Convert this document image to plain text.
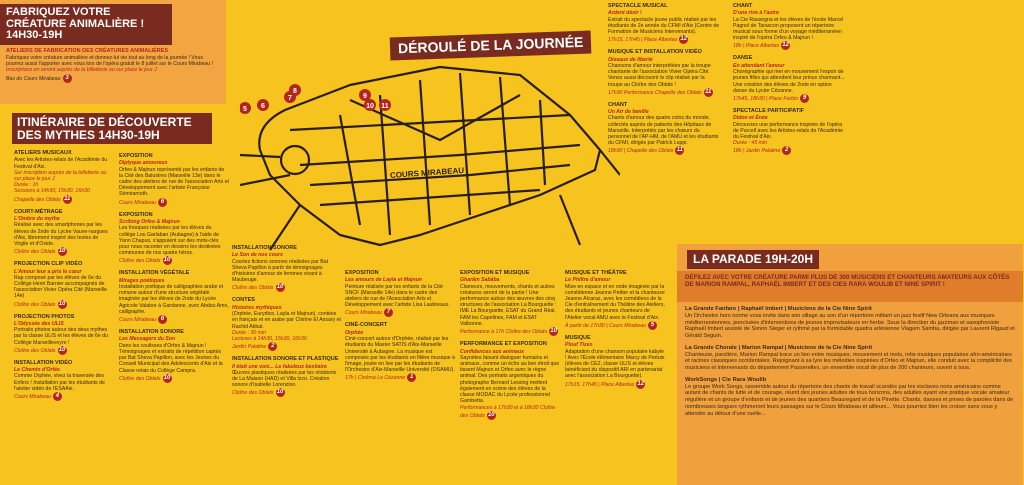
FABRIQUEZ VOTRE CRÉATURE ANIMALIÈRE ! 14H30-19H
ATELIERS DE FABRICATION DES CRÉATURES ANIMALIÈRES
Fabriquez votre créature animalière et donnez-lui vie tout au long de la journée ! Vous pourrez aussi l'apporter avec vous lors de l'opéra gratuit le 8 juillet sur le Cours Mirabeau !
Inscriptions en amont auprès de la billetterie ou sur place le jour J
Bas du Cours Mirabeau 3
ITINÉRAIRE DE DÉCOUVERTE DES MYTHES 14H30-19H
ATELIERS MUSICAUX
Avec les Artistes-relais de l'Académie du Festival d'Aix.
Sur inscription auprès de la billetterie ou sur place le jour J
Durée : 1h
Sessions à 14h30, 15h30, 16h30
Chapelle des Oblats 11
COURT-MÉTRAGE
L'Ombre du mythe
Réalisé avec des smartphones par les élèves de 2nde du Lycée Vauve-nargues d'Aix, librement inspiré des textes de Virgile et d'Ovide.
Cloître des Oblats 10
PROJECTION CLIP VIDÉO
L'Amour leur a pris le cœur
Rap composé par les élèves de 6e du Collège Henri Barnier accompagnés de l'association Vivier Opéra Cité (Marseille 14e)
Cloître des Oblats 10
PROJECTION PHOTOS
L'Odyssée des ULIS
Portraits photos autour des deux mythes par la classe ULIS et les élèves de 6e du Collège Marseilleveyre !
Cloître des Oblats 10
INSTALLATION VIDÉO
Le Chemin d'Orfée
Comme Orphée, vivez la traversée des Enfers ! Installation par les étudiants de l'atelier vidéo de l'ESAAix.
Cours Mirabeau 4
EXPOSITION
Diptyque amoureux
Orfeo & Majnun représenté par les enfants de la Cité des Balustres (Marseille 13e) dans le cadre des ateliers de rue de l'association Arts et Développement avec l'artiste Françoise Sémiramoth.
Cours Mirabeau 6
EXPOSITION
Scribing Orfeo & Majnun
Les fresques réalisées par les élèves du collège Lou Garlaban (Aubagne) à l'aide de Yann Chapus, s'appuient sur des mots-clés pour nous raconter en dessins les destinées communes de nos quatre héros.
Cloître des Oblats 10
INSTALLATION VÉGÉTALE
Mirages poétiques
Installation poétique de calligraphies arabe et romane autour d'une structure végétale imaginée par les élèves de 2nde du Lycée Agricole Valabre à Gardanne, avec Abdou Amri, calligraphe.
Cours Mirabeau 6
INSTALLATION SONORE
Les Messagers du Son
Dans les coulisses d'Orfeo & Majnun ! Témoignages et extraits de répétition captés par Bat Sheva Papillon, avec les Jeunes du Conseil Municipal des Adolescents d'Aix et la Classe relais du Collège Campra.
Cloître des Oblats 10
INSTALLATION SONORE
Le Son de nos cours
Courtes fictions sonores réalisées par Bat Sheva Papillon à partir de témoignages d'histoires d'amour de femmes vivant à Maubeuge.
Cloître des Oblats 10
CONTES
Histoires mythiques
(Orphée, Eurydice, Layla et Majnun), contées en français et en arabe par Chirine El Ansary et Rachid Akbal.
Durée : 30 min
Lectures à 14h30, 15h30, 16h30
Jardin Palatine 2
INSTALLATION SONORE ET PLASTIQUE
Il était une voix... Le fabuleux bestiaire
Œuvres plastiques réalisées par les résidents de La Maison (HAD) et Villa Izzo. Création sonore d'Isabelle Lorenzino.
Cloître des Oblats 10
EXPOSITION
Les amours de Layla et Majnun
Peinture réalisée par les enfants de la Cité SNCF (Marseille 14e) dans le cadre des ateliers de rue de l'Association Arts et Développement avec l'artiste Lisa Laubreaux.
Cours Mirabeau 7
CINÉ-CONCERT
Orphée
Ciné-concert autour d'Orphée, réalisé par les étudiants du Master SATIS d'Aix-Marseille Université à Aubagne. La musique est composée par les étudiants en filière musique à l'image, jouée en live par les étudiants de l'Orchestre d'Aix-Marseille Université (OSAMU).
17h | Cinéma Le Cézanne 1
EXPOSITION ET MUSIQUE
Gharām Sabāba
Clameurs, mouvements, chants et autres créatures seront de la partie ! Une performance autour des œuvres des cinq structures de l'association La Bourguette : IME La Bourguette, ESAT du Grand Réal, FAM les Capelines, FAM et ESAT Valbonne.
Performance à 17h Cloître des Oblats 10
PERFORMANCE ET EXPOSITION
Confidences aux animaux
Saynètes faisant dialoguer humains et animaux, comme un écho au lien étroit que tissent Majnun et Orfeo avec le règne animal. Des portraits argentiques du photographe Bernard Lessing mettent également en scène des élèves de la classe MODAC du Lycée professionnel Gambetta.
Performances à 17h30 et à 18h30 Cloître des Oblats 10
MUSIQUE ET THÉÂTRE
Le Philtre d'amour
Mise en espace et en onde imaginée par la comédienne Jeanne Pettier et la chanteuse Jeanne Alcaraz, avec les comédiens de la Cie d'entraînement du Théâtre des Ateliers, des étudiants et jeunes chanteurs de l'Atelier vocal AMU avec le Festival d'Aix.
À partir de 17h30 | Cours Mirabeau 5
MUSIQUE
Plouf Tizen
Adaptation d'une chanson populaire kabyle ! Avec l'École élémentaire Marcy de Pertuis (élèves de CE2, classe ULIS et élèves bénéficiant du dispositif ARI en partenariat avec l'association La Bourguette).
17h15, 17h45 | Place Albertas 12
SPECTACLE MUSICAL
Ardent désir !
Extrait du spectacle jeune public réalisé par les étudiants de 2e année du CFMI d'Aix (Centre de Formation de Musiciens Intervenants).
17h15, 17h45 | Place Albertas 12
MUSIQUE ET INSTALLATION VIDÉO
Oiseaux de liberté
Chansons d'amour interprétées par la troupe chantante de l'association Vivier Opéra Cité. Venez aussi découvrir le clip réalisé par la troupe au Cloître des Oblats !
17h30 Performance Chapelle des Oblats 11
CHANT
Un Air de famille
Chants d'amour des quatre coins du monde, collectés auprès de patients des Hôpitaux de Marseille. Interprétés par les chœurs du personnel de l'AP-HM, de l'AMU et les étudiants du CFMI, dirigés par Patrick Luppi.
18h30 | Chapelle des Oblats 11
CHANT
D'une rive à l'autre
La Cie Rassegna et les élèves de l'école Marcel Pagnol de Tarascon proposent un répertoire musical sous forme d'un voyage méditerranéen inspiré de l'opéra Orfeo & Majnun !
18h | Place Albertas 12
DANSE
En attendant l'amour
Chorégraphie qui met en mouvement l'espoir de jeunes filles qui attendent leur prince charmant... Une création des élèves de 2nde en option danse du Lycée Cézanne.
17h45, 18h30 | Place Forbin 9
SPECTACLE PARTICIPATIF
Didon et Énée
Découvrez une performance inspirée de l'opéra de Purcell avec les Artistes-relais de l'Académie du Festival d'Aix.
Durée : 45 min
18h | Jardin Palatine 2
DÉROULÉ DE LA JOURNÉE
COURS MIRABEAU
5 6
7
8
9
10 11
LA PARADE 19H-20H
DÉFILEZ AVEC VOTRE CRÉATURE PARMI PLUS DE 300 MUSICIENS ET CHANTEURS AMATEURS AUX CÔTÉS DE MARION RAMPAL, RAPHAËL IMBERT ET DES CIES RARA WOULIB ET NINE SPIRIT !
La Grande Fanfare | Raphaël Imbert | Musiciens de la Cie Nine Spirit
Un Orchestre hors norme vous invite dans son sillage au son d'un répertoire mêlant un jazz festif New Orleans aux musiques méditerranéennes, ponctuées d'interventions de jeunes improvisateurs en herbe. Sous la direction du jazzman et saxophoniste Raphaël Imbert assisté de Simon Sieger et rythmé par la formidable quadra arlésienne Viagem Samba, dirigée par Laurent Rigaud et Gérald Seguin.
La Grande Chorale | Marion Rampal | Musiciens de la Cie Nine Spirit
Chanteuse, parolière, Marion Rampal trace un lien entre musiques, mouvement et mots, relie musiques populaires afro-américaines et racines classiques occidentales. Rejoignant à sa lyre les mélodies inspirées d'Orfeo et Majnun, elle conduit avec la complicité des musiciens et intervenants du département Passerelles, un ensemble vocal de plus de 200 chanteurs, ouvert à tous.
WorkSongs | Cie Rara Woulib
Le groupe Work Songs, rassemble autour du répertoire des chants de travail scandés par les esclaves noirs américains comme autant de chants de lutte et de courage, réunit des jeunes adultes de tous horizons, des adultes ayant une pratique vocale amateur régulière et un groupe d'enfants et de jeunes des quartiers Beauregard et de la Pinette. Chants, danses et prises de paroles dans de nombreuses langues rythmeront leurs passages sur le Cours Mirabeau et ailleurs... Vous pourriez bien les croiser sans vous y attendre au détour d'une ruelle...
